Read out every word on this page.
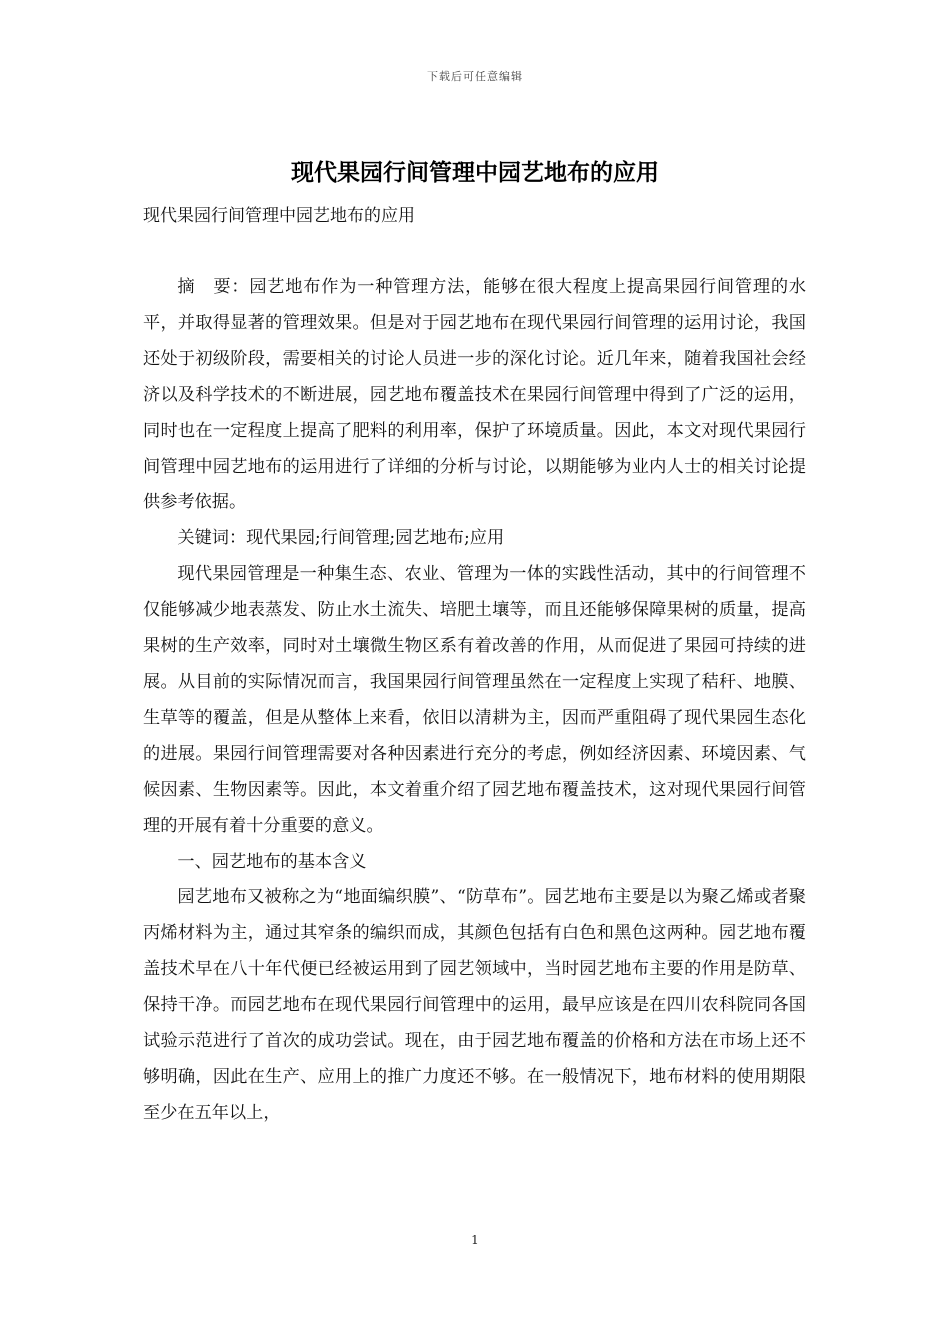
下载后可任意编辑
现代果园行间管理中园艺地布的应用
现代果园行间管理中园艺地布的应用

摘　要：园艺地布作为一种管理方法，能够在很大程度上提高果园行间管理的水平，并取得显著的管理效果。但是对于园艺地布在现代果园行间管理的运用讨论，我国还处于初级阶段，需要相关的讨论人员进一步的深化讨论。近几年来，随着我国社会经济以及科学技术的不断进展，园艺地布覆盖技术在果园行间管理中得到了广泛的运用，同时也在一定程度上提高了肥料的利用率，保护了环境质量。因此，本文对现代果园行间管理中园艺地布的运用进行了详细的分析与讨论，以期能够为业内人士的相关讨论提供参考依据。

关键词：现代果园;行间管理;园艺地布;应用

现代果园管理是一种集生态、农业、管理为一体的实践性活动，其中的行间管理不仅能够减少地表蒸发、防止水土流失、培肥土壤等，而且还能够保障果树的质量，提高果树的生产效率，同时对土壤微生物区系有着改善的作用，从而促进了果园可持续的进展。从目前的实际情况而言，我国果园行间管理虽然在一定程度上实现了秸秆、地膜、生草等的覆盖，但是从整体上来看，依旧以清耕为主，因而严重阻碍了现代果园生态化的进展。果园行间管理需要对各种因素进行充分的考虑，例如经济因素、环境因素、气候因素、生物因素等。因此，本文着重介绍了园艺地布覆盖技术，这对现代果园行间管理的开展有着十分重要的意义。

一、园艺地布的基本含义

园艺地布又被称之为“地面编织膜”、“防草布”。园艺地布主要是以为聚乙烯或者聚丙烯材料为主，通过其窄条的编织而成，其颜色包括有白色和黑色这两种。园艺地布覆盖技术早在八十年代便已经被运用到了园艺领域中，当时园艺地布主要的作用是防草、保持干净。而园艺地布在现代果园行间管理中的运用，最早应该是在四川农科院同各国试验示范进行了首次的成功尝试。现在，由于园艺地布覆盖的价格和方法在市场上还不够明确，因此在生产、应用上的推广力度还不够。在一般情况下，地布材料的使用期限至少在五年以上，

1
